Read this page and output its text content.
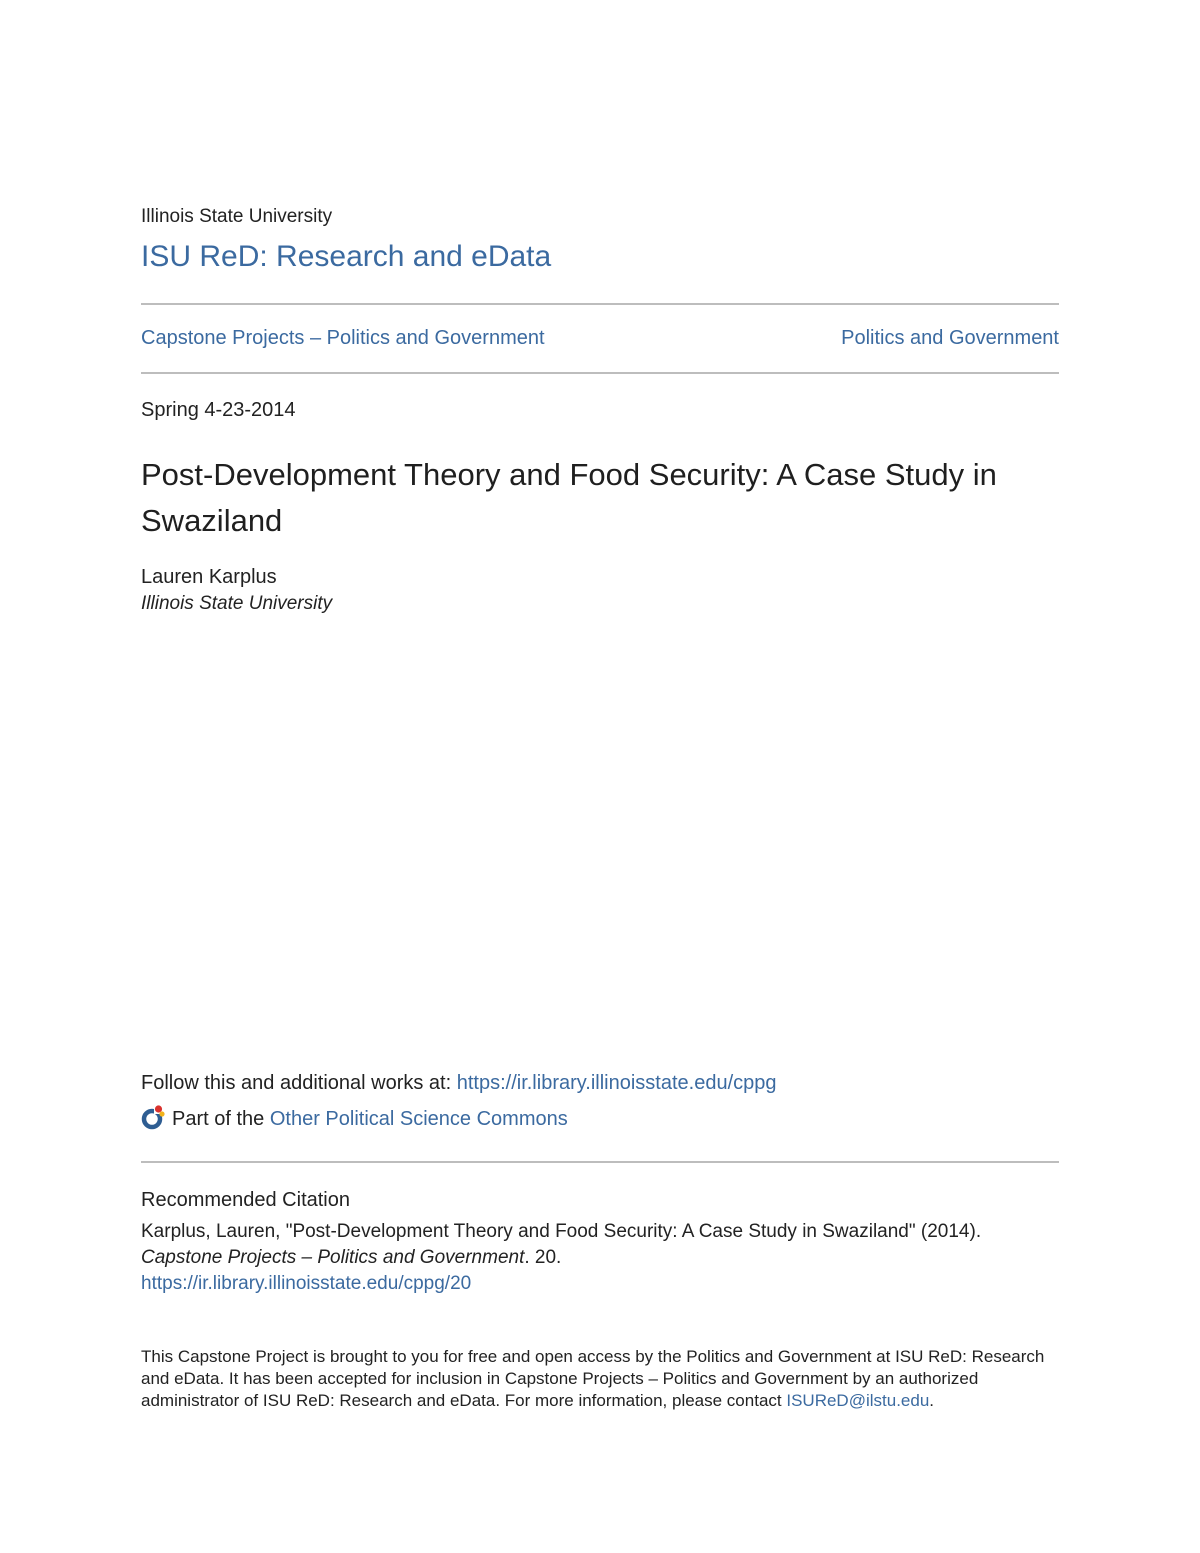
Illinois State University
ISU ReD: Research and eData
Capstone Projects – Politics and Government	Politics and Government
Spring 4-23-2014
Post-Development Theory and Food Security: A Case Study in Swaziland
Lauren Karplus
Illinois State University
Follow this and additional works at: https://ir.library.illinoisstate.edu/cppg
Part of the Other Political Science Commons
Recommended Citation
Karplus, Lauren, "Post-Development Theory and Food Security: A Case Study in Swaziland" (2014).
Capstone Projects – Politics and Government. 20.
https://ir.library.illinoisstate.edu/cppg/20
This Capstone Project is brought to you for free and open access by the Politics and Government at ISU ReD: Research and eData. It has been accepted for inclusion in Capstone Projects – Politics and Government by an authorized administrator of ISU ReD: Research and eData. For more information, please contact ISUReD@ilstu.edu.
